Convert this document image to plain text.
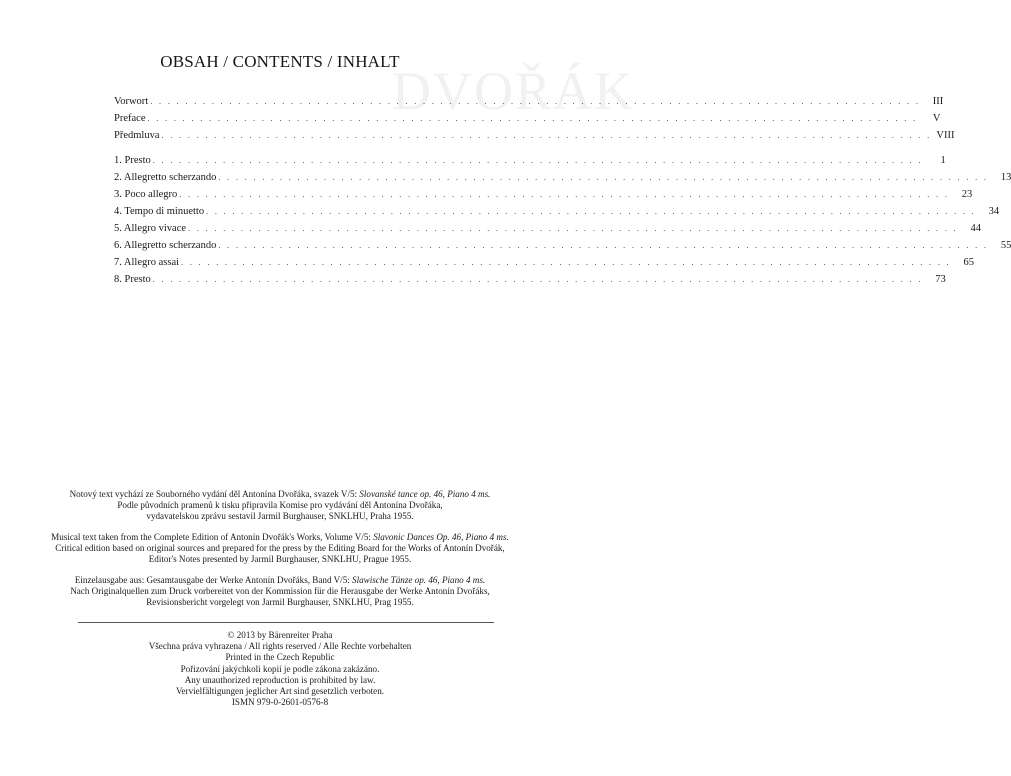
DVOŘÁK
OBSAH / CONTENTS / INHALT
Vorwort . . .	III
Preface . . .	V
Předmluva . . .	VIII
1. Presto . . .	1
2. Allegretto scherzando . . .	13
3. Poco allegro . . .	23
4. Tempo di minuetto . . .	34
5. Allegro vivace . . .	44
6. Allegretto scherzando . . .	55
7. Allegro assai . . .	65
8. Presto . . .	73

Notový text vychází ze Souborného vydání děl Antonína Dvořáka, svazek V/5: Slovanské tance op. 46, Piano 4 ms.

Podle původních pramenů k tisku připravila Komise pro vydávání děl Antonína Dvořáka,

vydavatelskou zprávu sestavil Jarmil Burghauser, SNKLHU, Praha 1955.

Musical text taken from the Complete Edition of Antonín Dvořák's Works, Volume V/5: Slavonic Dances Op. 46, Piano 4 ms.

Critical edition based on original sources and prepared for the press by the Editing Board for the Works of Antonín Dvořák,

Editor's Notes presented by Jarmil Burghauser, SNKLHU, Prague 1955.

Einzelausgabe aus: Gesamtausgabe der Werke Antonín Dvořáks, Band V/5: Slawische Tänze op. 46, Piano 4 ms.

Nach Originalquellen zum Druck vorbereitet von der Kommission für die Herausgabe der Werke Antonín Dvořáks,

Revisionsbericht vorgelegt von Jarmil Burghauser, SNKLHU, Prag 1955.

© 2013 by Bärenreiter Praha

Všechna práva vyhrazena / All rights reserved / Alle Rechte vorbehalten

Printed in the Czech Republic

Pořizování jakýchkoli kopií je podle zákona zakázáno.

Any unauthorized reproduction is prohibited by law.

Vervielfältigungen jeglicher Art sind gesetzlich verboten.

ISMN 979-0-2601-0576-8
